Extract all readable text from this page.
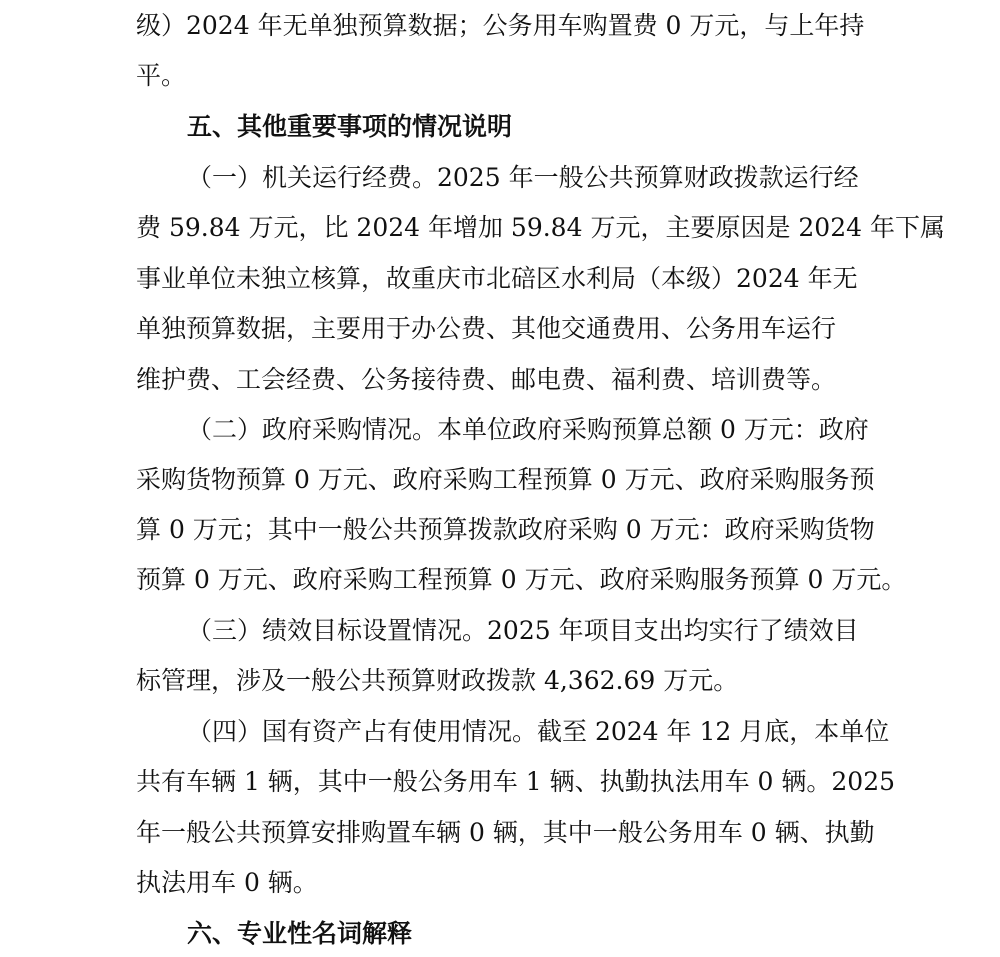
级）2024 年无单独预算数据；公务用车购置费 0 万元，与上年持

平。

五、其他重要事项的情况说明

（一）机关运行经费。2025 年一般公共预算财政拨款运行经

费 59.84 万元，比 2024 年增加 59.84 万元，主要原因是 2024 年下属

事业单位未独立核算，故重庆市北碚区水利局（本级）2024 年无

单独预算数据，主要用于办公费、其他交通费用、公务用车运行

维护费、工会经费、公务接待费、邮电费、福利费、培训费等。

（二）政府采购情况。本单位政府采购预算总额 0 万元：政府

采购货物预算 0 万元、政府采购工程预算 0 万元、政府采购服务预

算 0 万元；其中一般公共预算拨款政府采购 0 万元：政府采购货物

预算 0 万元、政府采购工程预算 0 万元、政府采购服务预算 0 万元。

（三）绩效目标设置情况。2025 年项目支出均实行了绩效目

标管理，涉及一般公共预算财政拨款 4,362.69 万元。

（四）国有资产占有使用情况。截至 2024 年 12 月底，本单位

共有车辆 1 辆，其中一般公务用车 1 辆、执勤执法用车 0 辆。2025

年一般公共预算安排购置车辆 0 辆，其中一般公务用车 0 辆、执勤

执法用车 0 辆。

六、专业性名词解释
